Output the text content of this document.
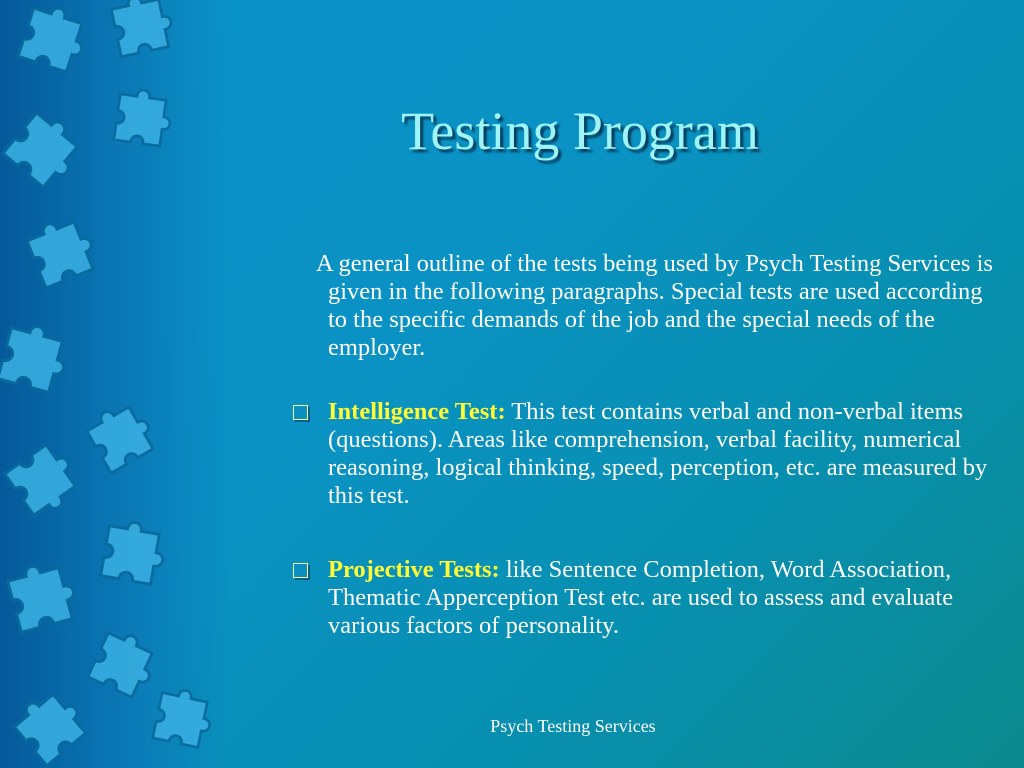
Testing Program

A general outline of the tests being used by Psych Testing Services is given in the following paragraphs. Special tests are used according to the specific demands of the job and the special needs of the employer.

Intelligence Test: This test contains verbal and non-verbal items (questions). Areas like comprehension, verbal facility, numerical reasoning, logical thinking, speed, perception, etc. are measured by this test.

Projective Tests: like Sentence Completion, Word Association, Thematic Apperception Test etc. are used to assess and evaluate various factors of personality.

Psych Testing Services
